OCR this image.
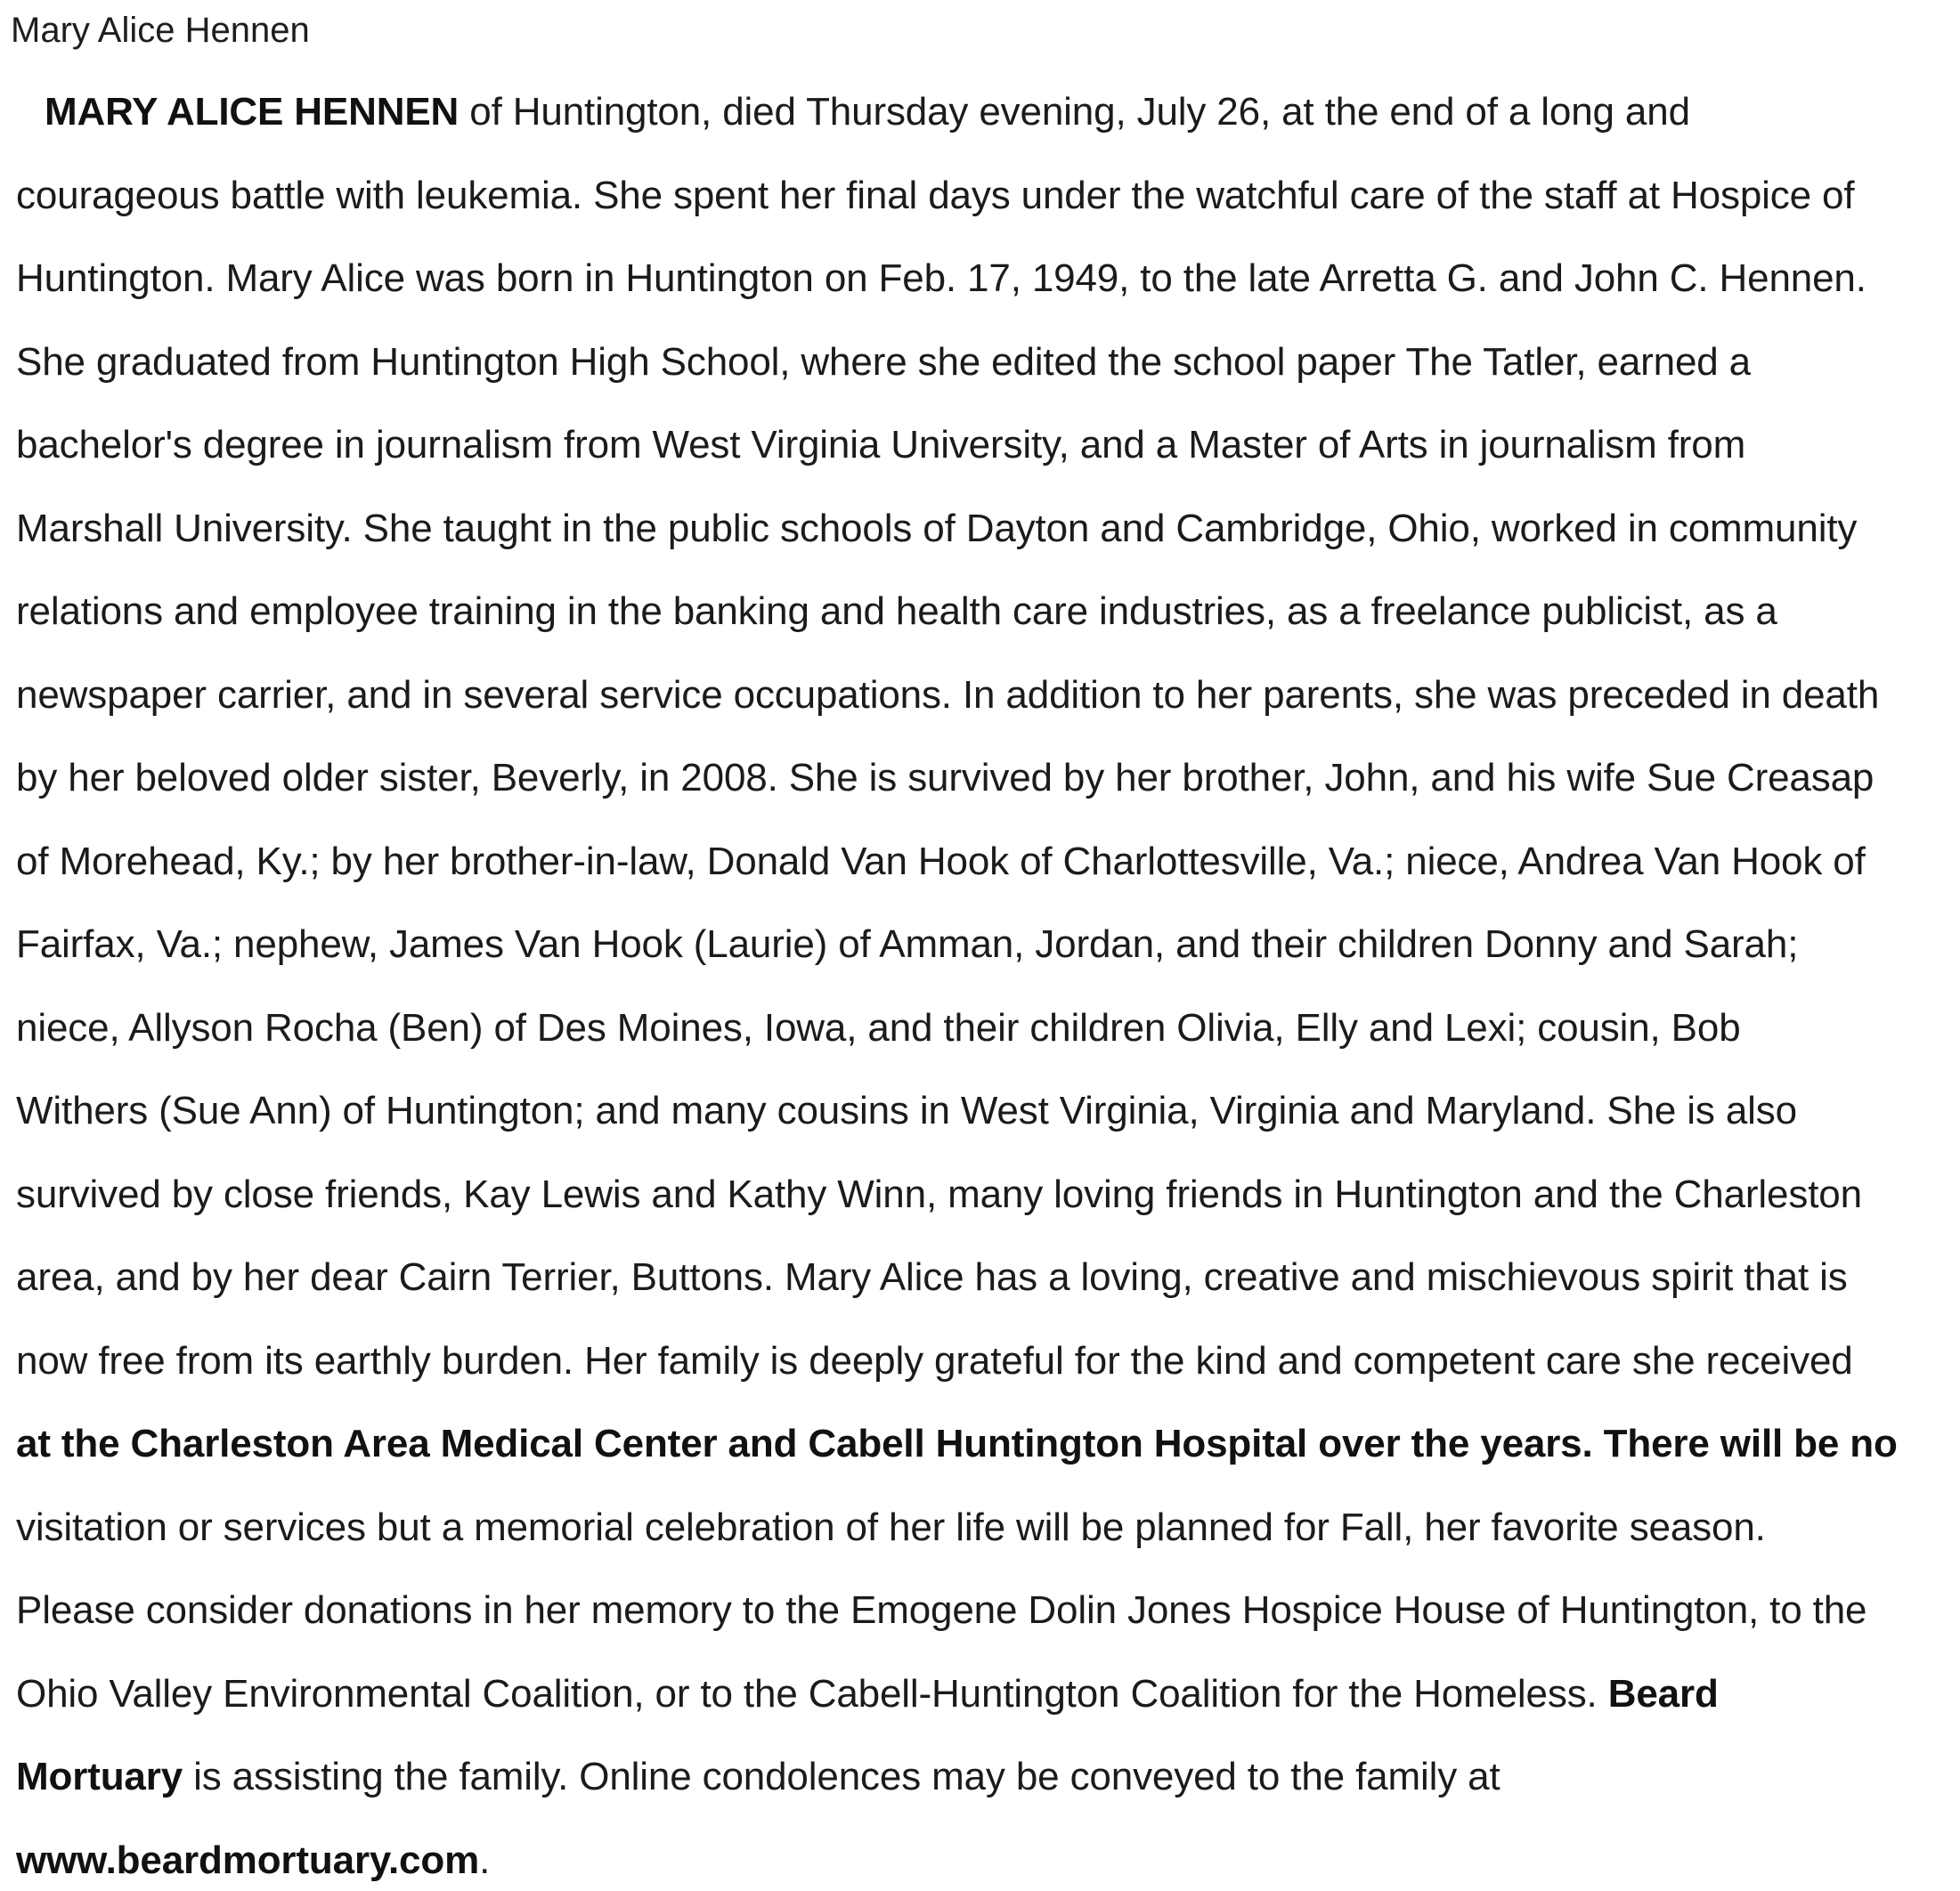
Mary Alice Hennen
MARY ALICE HENNEN of Huntington, died Thursday evening, July 26, at the end of a long and
courageous battle with leukemia. She spent her final days under the watchful care of the staff at Hospice of
Huntington. Mary Alice was born in Huntington on Feb. 17, 1949, to the late Arretta G. and John C. Hennen.
She graduated from Huntington High School, where she edited the school paper The Tatler, earned a
bachelor's degree in journalism from West Virginia University, and a Master of Arts in journalism from
Marshall University. She taught in the public schools of Dayton and Cambridge, Ohio, worked in community
relations and employee training in the banking and health care industries, as a freelance publicist, as a
newspaper carrier, and in several service occupations. In addition to her parents, she was preceded in death
by her beloved older sister, Beverly, in 2008. She is survived by her brother, John, and his wife Sue Creasap
of Morehead, Ky.; by her brother-in-law, Donald Van Hook of Charlottesville, Va.; niece, Andrea Van Hook of
Fairfax, Va.; nephew, James Van Hook (Laurie) of Amman, Jordan, and their children Donny and Sarah;
niece, Allyson Rocha (Ben) of Des Moines, Iowa, and their children Olivia, Elly and Lexi; cousin, Bob
Withers (Sue Ann) of Huntington; and many cousins in West Virginia, Virginia and Maryland. She is also
survived by close friends, Kay Lewis and Kathy Winn, many loving friends in Huntington and the Charleston
area, and by her dear Cairn Terrier, Buttons. Mary Alice has a loving, creative and mischievous spirit that is
now free from its earthly burden. Her family is deeply grateful for the kind and competent care she received
at the Charleston Area Medical Center and Cabell Huntington Hospital over the years. There will be no
visitation or services but a memorial celebration of her life will be planned for Fall, her favorite season.
Please consider donations in her memory to the Emogene Dolin Jones Hospice House of Huntington, to the
Ohio Valley Environmental Coalition, or to the Cabell-Huntington Coalition for the Homeless. Beard
Mortuary is assisting the family. Online condolences may be conveyed to the family at
www.beardmortuary.com.
